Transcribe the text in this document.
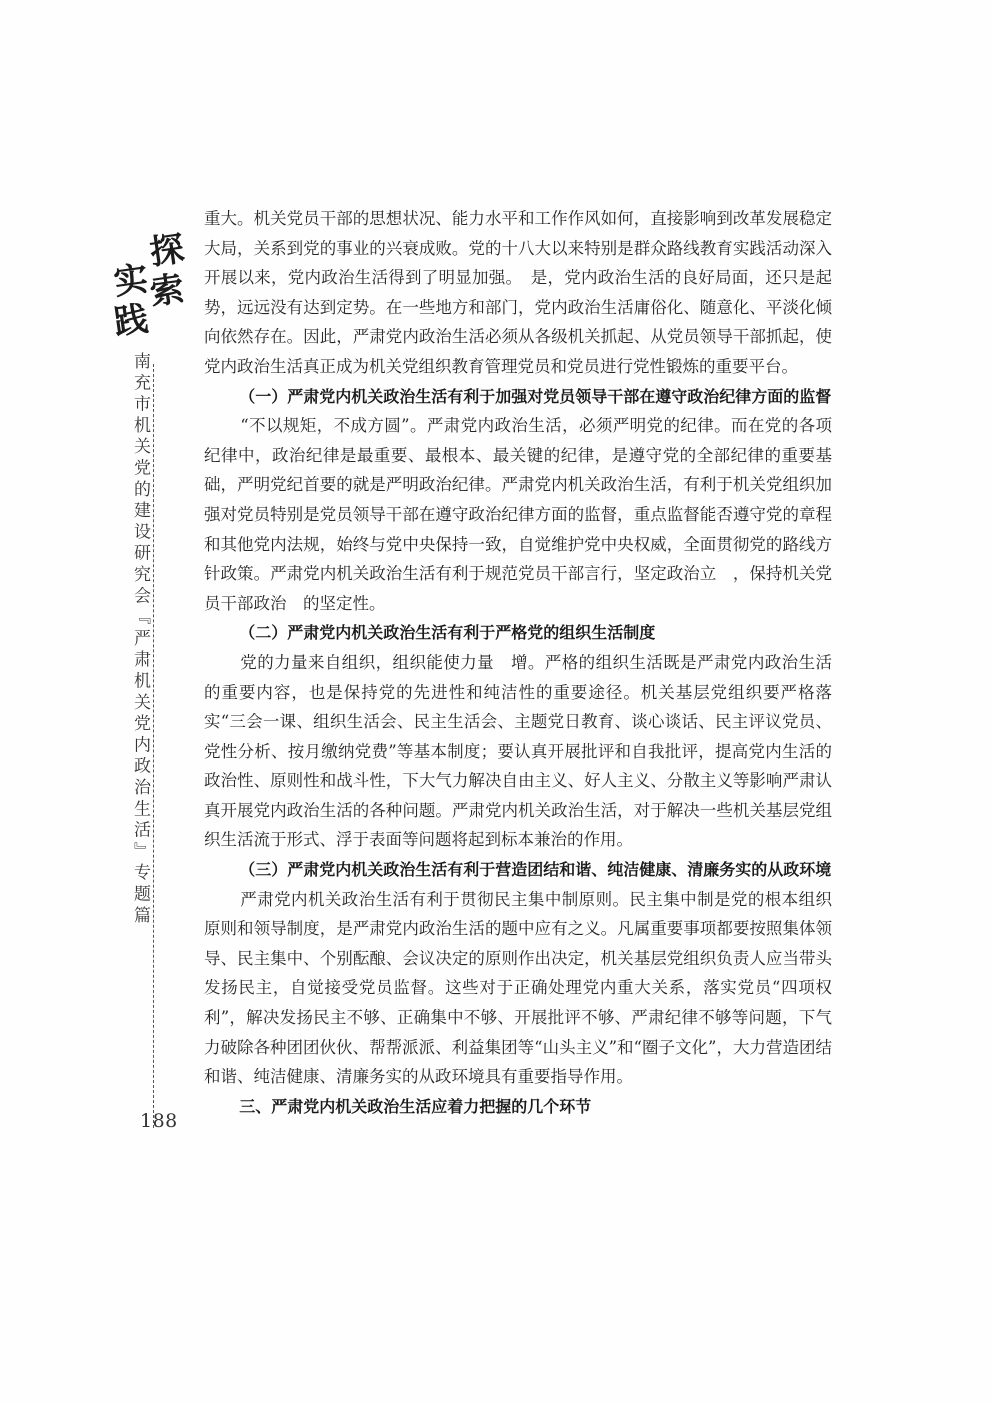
探
索
实
践
南充市机关党的建设研究会『严肃机关党内政治生活』专题篇
188

重大。机关党员干部的思想状况、能力水平和工作作风如何，直接影响到改革发展稳定大局，关系到党的事业的兴衰成败。党的十八大以来特别是群众路线教育实践活动深入开展以来，党内政治生活得到了明显加强。　是，党内政治生活的良好局面，还只是起势，远远没有达到定势。在一些地方和部门，党内政治生活庸俗化、随意化、平淡化倾向依然存在。因此，严肃党内政治生活必须从各级机关抓起、从党员领导干部抓起，使党内政治生活真正成为机关党组织教育管理党员和党员进行党性锻炼的重要平台。

（一）严肃党内机关政治生活有利于加强对党员领导干部在遵守政治纪律方面的监督

“不以规矩，不成方圆”。严肃党内政治生活，必须严明党的纪律。而在党的各项纪律中，政治纪律是最重要、最根本、最关键的纪律，是遵守党的全部纪律的重要基础，严明党纪首要的就是严明政治纪律。严肃党内机关政治生活，有利于机关党组织加强对党员特别是党员领导干部在遵守政治纪律方面的监督，重点监督能否遵守党的章程和其他党内法规，始终与党中央保持一致，自觉维护党中央权威，全面贯彻党的路线方针政策。严肃党内机关政治生活有利于规范党员干部言行，坚定政治立　，保持机关党员干部政治　的坚定性。

（二）严肃党内机关政治生活有利于严格党的组织生活制度

党的力量来自组织，组织能使力量　增。严格的组织生活既是严肃党内政治生活的重要内容，也是保持党的先进性和纯洁性的重要途径。机关基层党组织要严格落实“三会一课、组织生活会、民主生活会、主题党日教育、谈心谈话、民主评议党员、党性分析、按月缴纳党费”等基本制度；要认真开展批评和自我批评，提高党内生活的政治性、原则性和战斗性，下大气力解决自由主义、好人主义、分散主义等影响严肃认真开展党内政治生活的各种问题。严肃党内机关政治生活，对于解决一些机关基层党组织生活流于形式、浮于表面等问题将起到标本兼治的作用。

（三）严肃党内机关政治生活有利于营造团结和谐、纯洁健康、清廉务实的从政环境

严肃党内机关政治生活有利于贯彻民主集中制原则。民主集中制是党的根本组织原则和领导制度，是严肃党内政治生活的题中应有之义。凡属重要事项都要按照集体领导、民主集中、个别酝酿、会议决定的原则作出决定，机关基层党组织负责人应当带头发扬民主，自觉接受党员监督。这些对于正确处理党内重大关系，落实党员“四项权利”，解决发扬民主不够、正确集中不够、开展批评不够、严肃纪律不够等问题，下气力破除各种团团伙伙、帮帮派派、利益集团等“山头主义”和“圈子文化”，大力营造团结和谐、纯洁健康、清廉务实的从政环境具有重要指导作用。

三、严肃党内机关政治生活应着力把握的几个环节
